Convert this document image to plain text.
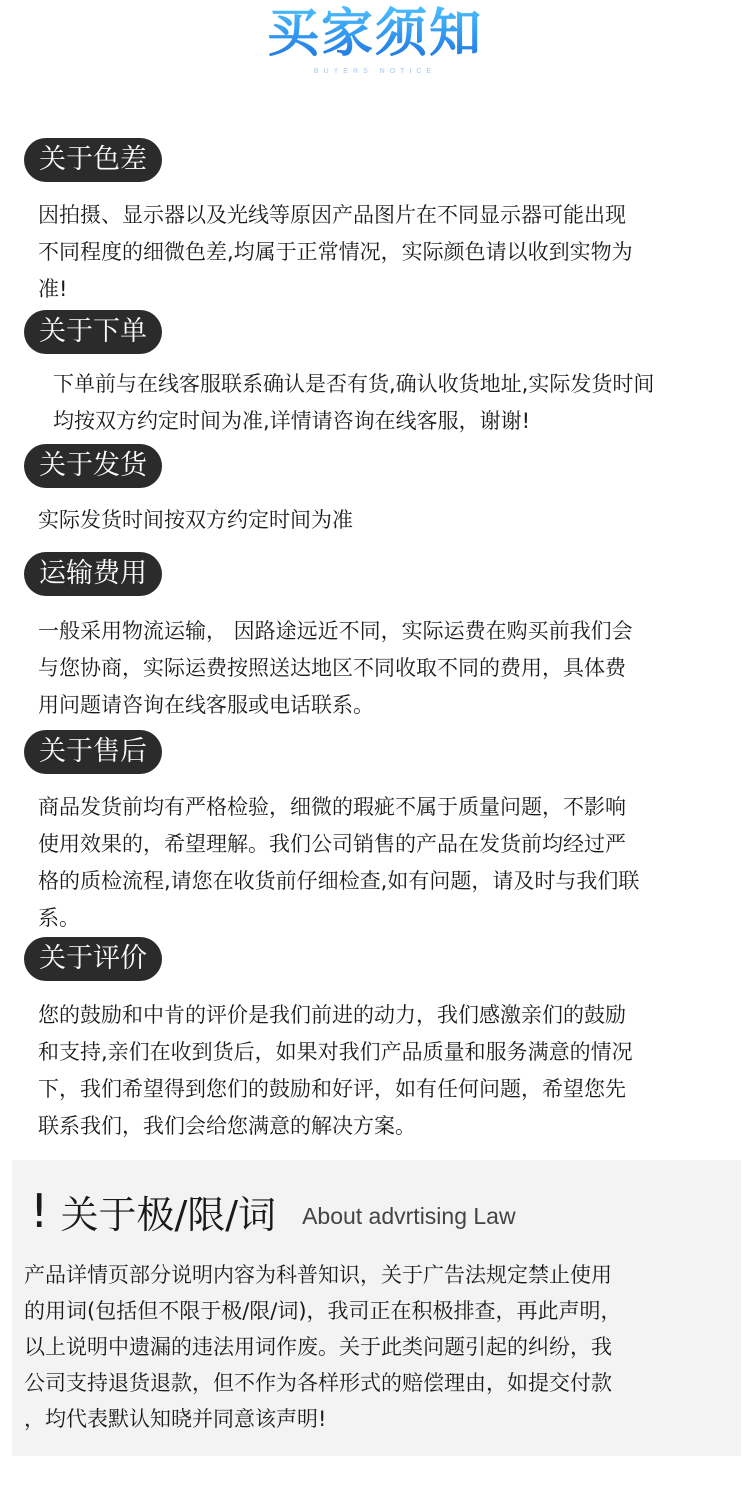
买家须知
BUYERS NOTICE
关于色差
因拍摄、显示器以及光线等原因产品图片在不同显示器可能出现
不同程度的细微色差,均属于正常情况，实际颜色请以收到实物为
准!
关于下单
下单前与在线客服联系确认是否有货,确认收货地址,实际发货时间
均按双方约定时间为准,详情请咨询在线客服，谢谢!
关于发货
实际发货时间按双方约定时间为准
运输费用
一般采用物流运输， 因路途远近不同，实际运费在购买前我们会
与您协商，实际运费按照送达地区不同收取不同的费用，具体费
用问题请咨询在线客服或电话联系。
关于售后
商品发货前均有严格检验，细微的瑕疵不属于质量问题，不影响
使用效果的，希望理解。我们公司销售的产品在发货前均经过严
格的质检流程,请您在收货前仔细检查,如有问题，请及时与我们联
系。
关于评价
您的鼓励和中肯的评价是我们前进的动力，我们感激亲们的鼓励
和支持,亲们在收到货后，如果对我们产品质量和服务满意的情况
下，我们希望得到您们的鼓励和好评，如有任何问题，希望您先
联系我们，我们会给您满意的解决方案。
! 关于极/限/词 About advrtising Law
产品详情页部分说明内容为科普知识，关于广告法规定禁止使用
的用词(包括但不限于极/限/词)，我司正在积极排查，再此声明，
以上说明中遗漏的违法用词作废。关于此类问题引起的纠纷，我
公司支持退货退款，但不作为各样形式的赔偿理由，如提交付款
，均代表默认知晓并同意该声明!
